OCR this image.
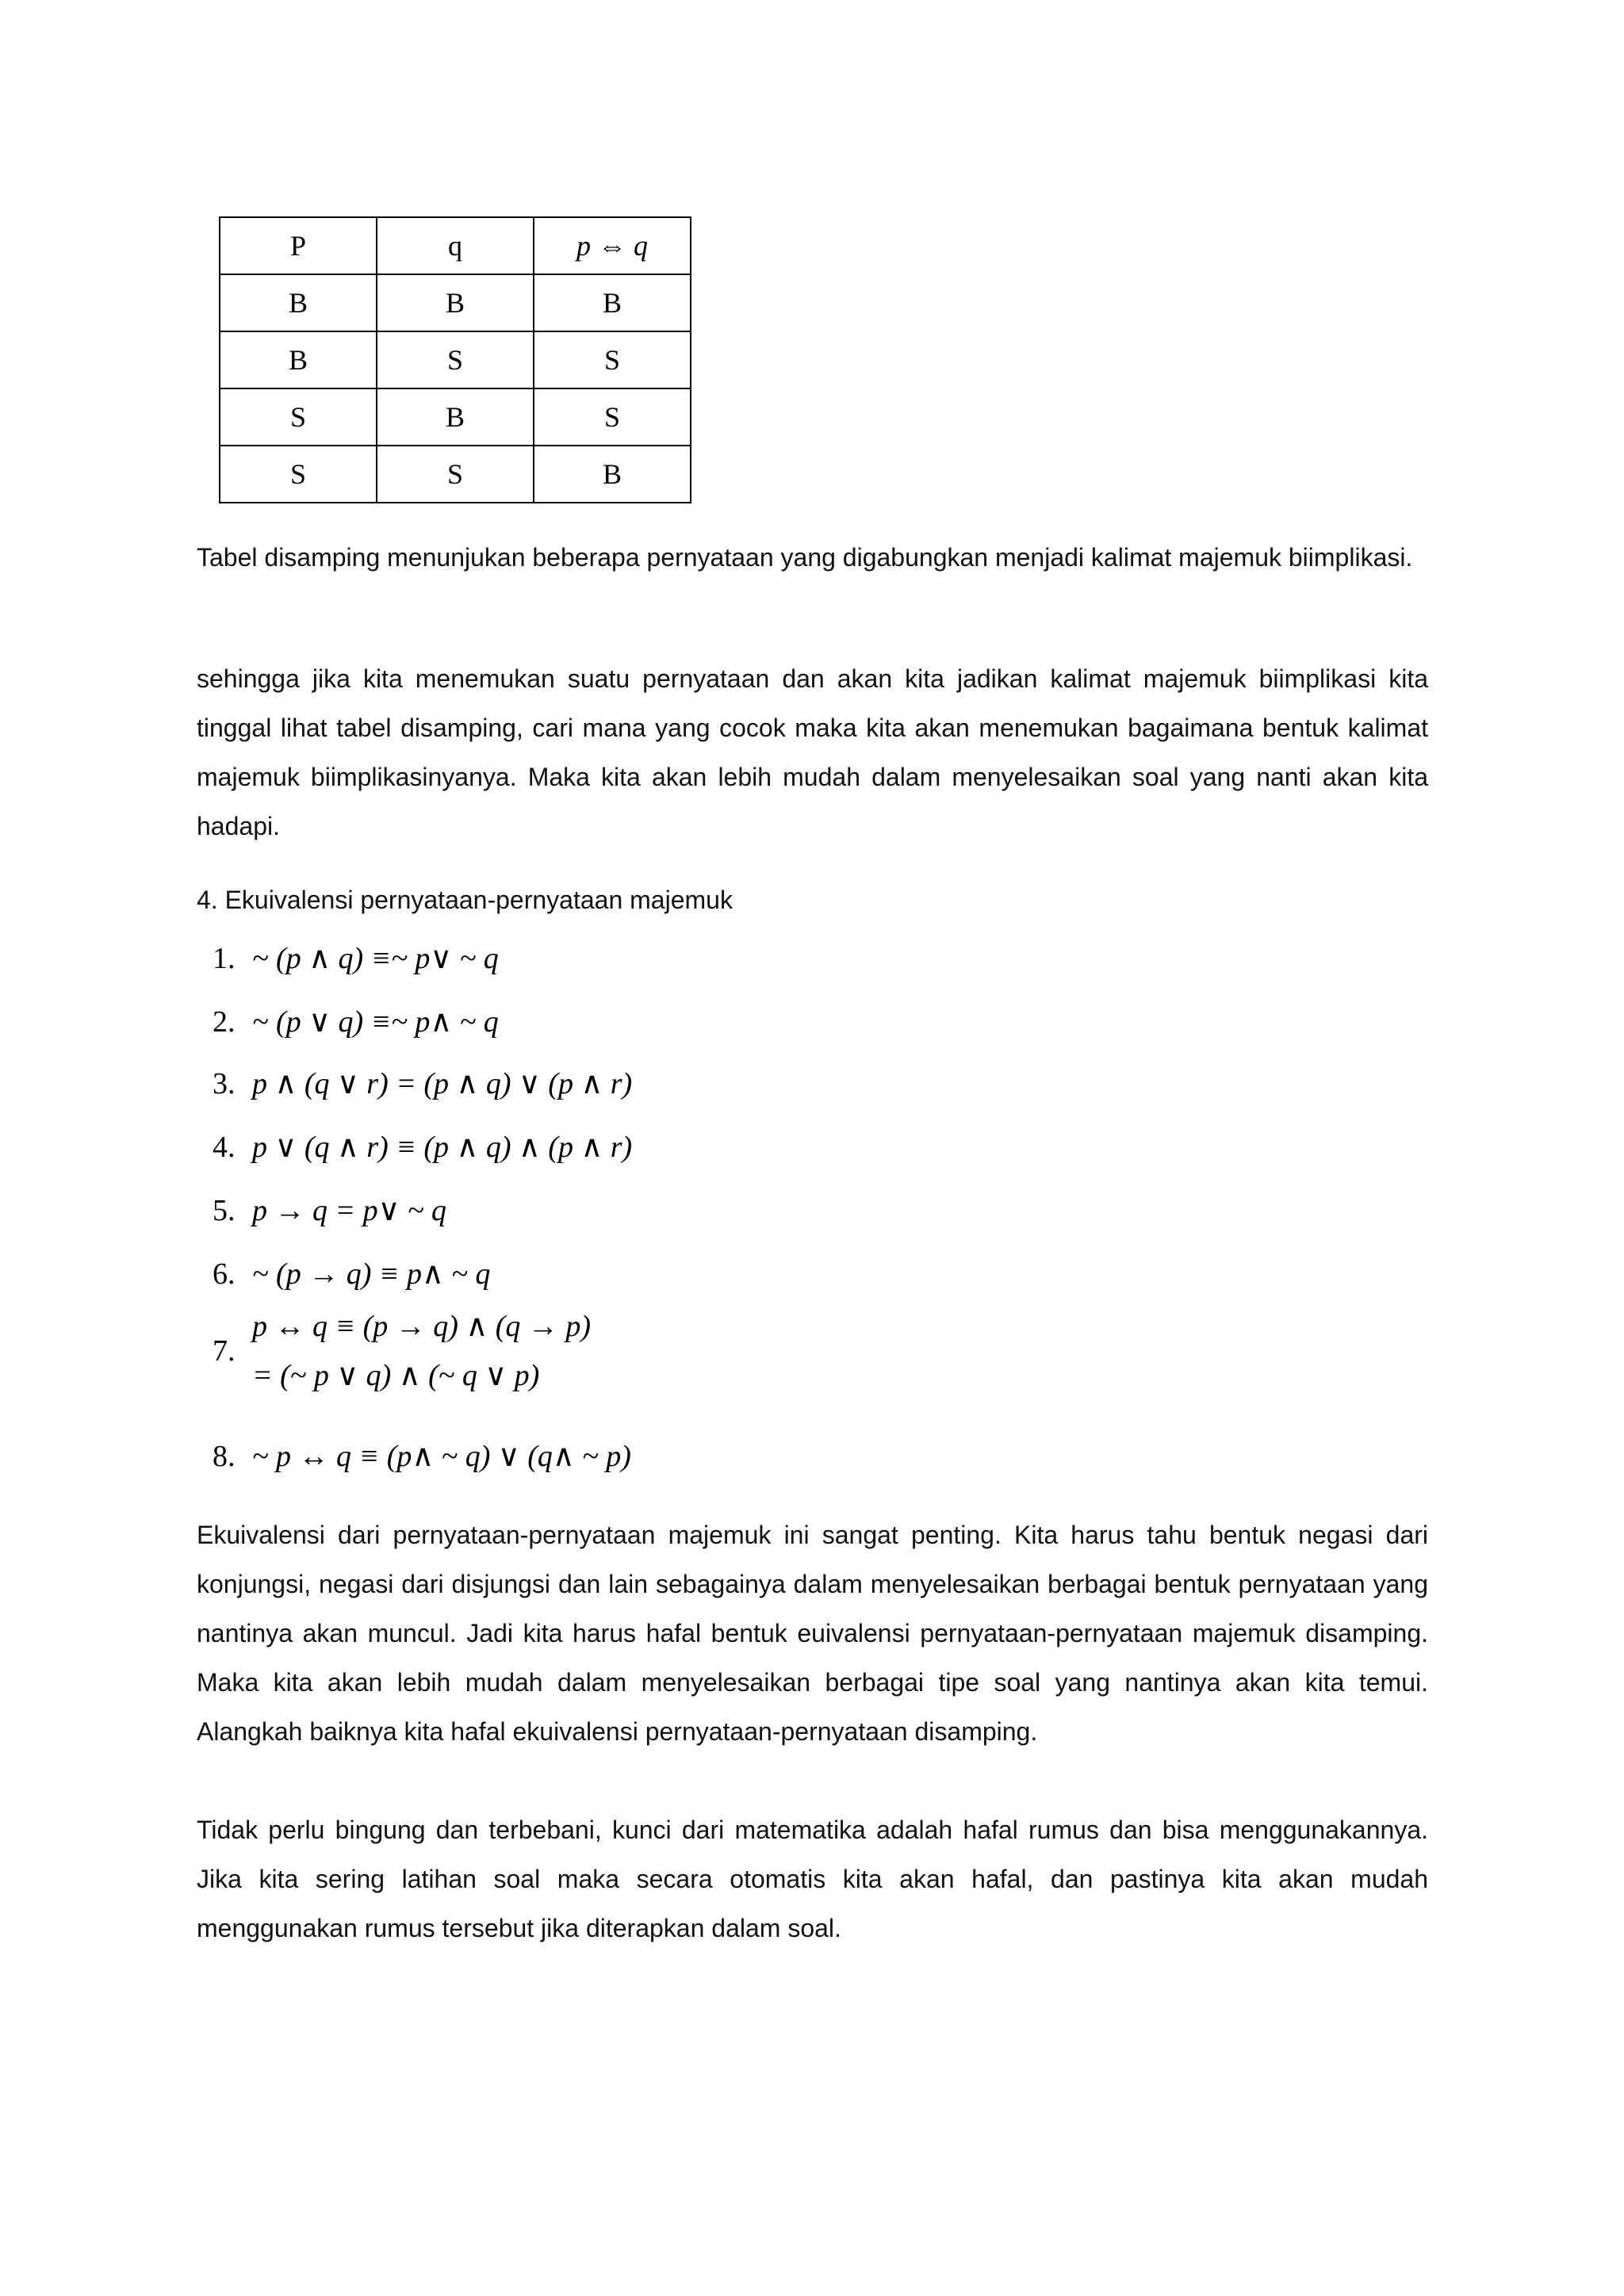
P	q	p ⇔ q
B	B	B
B	S	S
S	B	S
S	S	B

Tabel disamping menunjukan beberapa pernyataan yang digabungkan menjadi kalimat majemuk biimplikasi.

sehingga jika kita menemukan suatu pernyataan dan akan kita jadikan kalimat majemuk biimplikasi kita tinggal lihat tabel disamping, cari mana yang cocok maka kita akan menemukan bagaimana bentuk kalimat majemuk biimplikasinyanya. Maka kita akan lebih mudah dalam menyelesaikan soal yang nanti akan kita hadapi.

4. Ekuivalensi pernyataan-pernyataan majemuk

1. ~ (p ∧ q) ≡~ p∨ ~ q
2. ~ (p ∨ q) ≡~ p∧ ~ q
3. p ∧ (q ∨ r) = (p ∧ q) ∨ (p ∧ r)
4. p ∨ (q ∧ r) ≡ (p ∧ q) ∧ (p ∧ r)
5. p → q = p∨ ~ q
6. ~ (p → q) ≡ p∧ ~ q
7.
p ↔ q ≡ (p → q) ∧ (q → p)
= (~ p ∨ q) ∧ (~ q ∨ p)
8. ~ p ↔ q ≡ (p∧ ~ q) ∨ (q∧ ~ p)

Ekuivalensi dari pernyataan-pernyataan majemuk ini sangat penting. Kita harus tahu bentuk negasi dari konjungsi, negasi dari disjungsi dan lain sebagainya dalam menyelesaikan berbagai bentuk pernyataan yang nantinya akan muncul. Jadi kita harus hafal bentuk euivalensi pernyataan-pernyataan majemuk disamping. Maka kita akan lebih mudah dalam menyelesaikan berbagai tipe soal yang nantinya akan kita temui. Alangkah baiknya kita hafal ekuivalensi pernyataan-pernyataan disamping.

Tidak perlu bingung dan terbebani, kunci dari matematika adalah hafal rumus dan bisa menggunakannya. Jika kita sering latihan soal maka secara otomatis kita akan hafal, dan pastinya kita akan mudah menggunakan rumus tersebut jika diterapkan dalam soal.
